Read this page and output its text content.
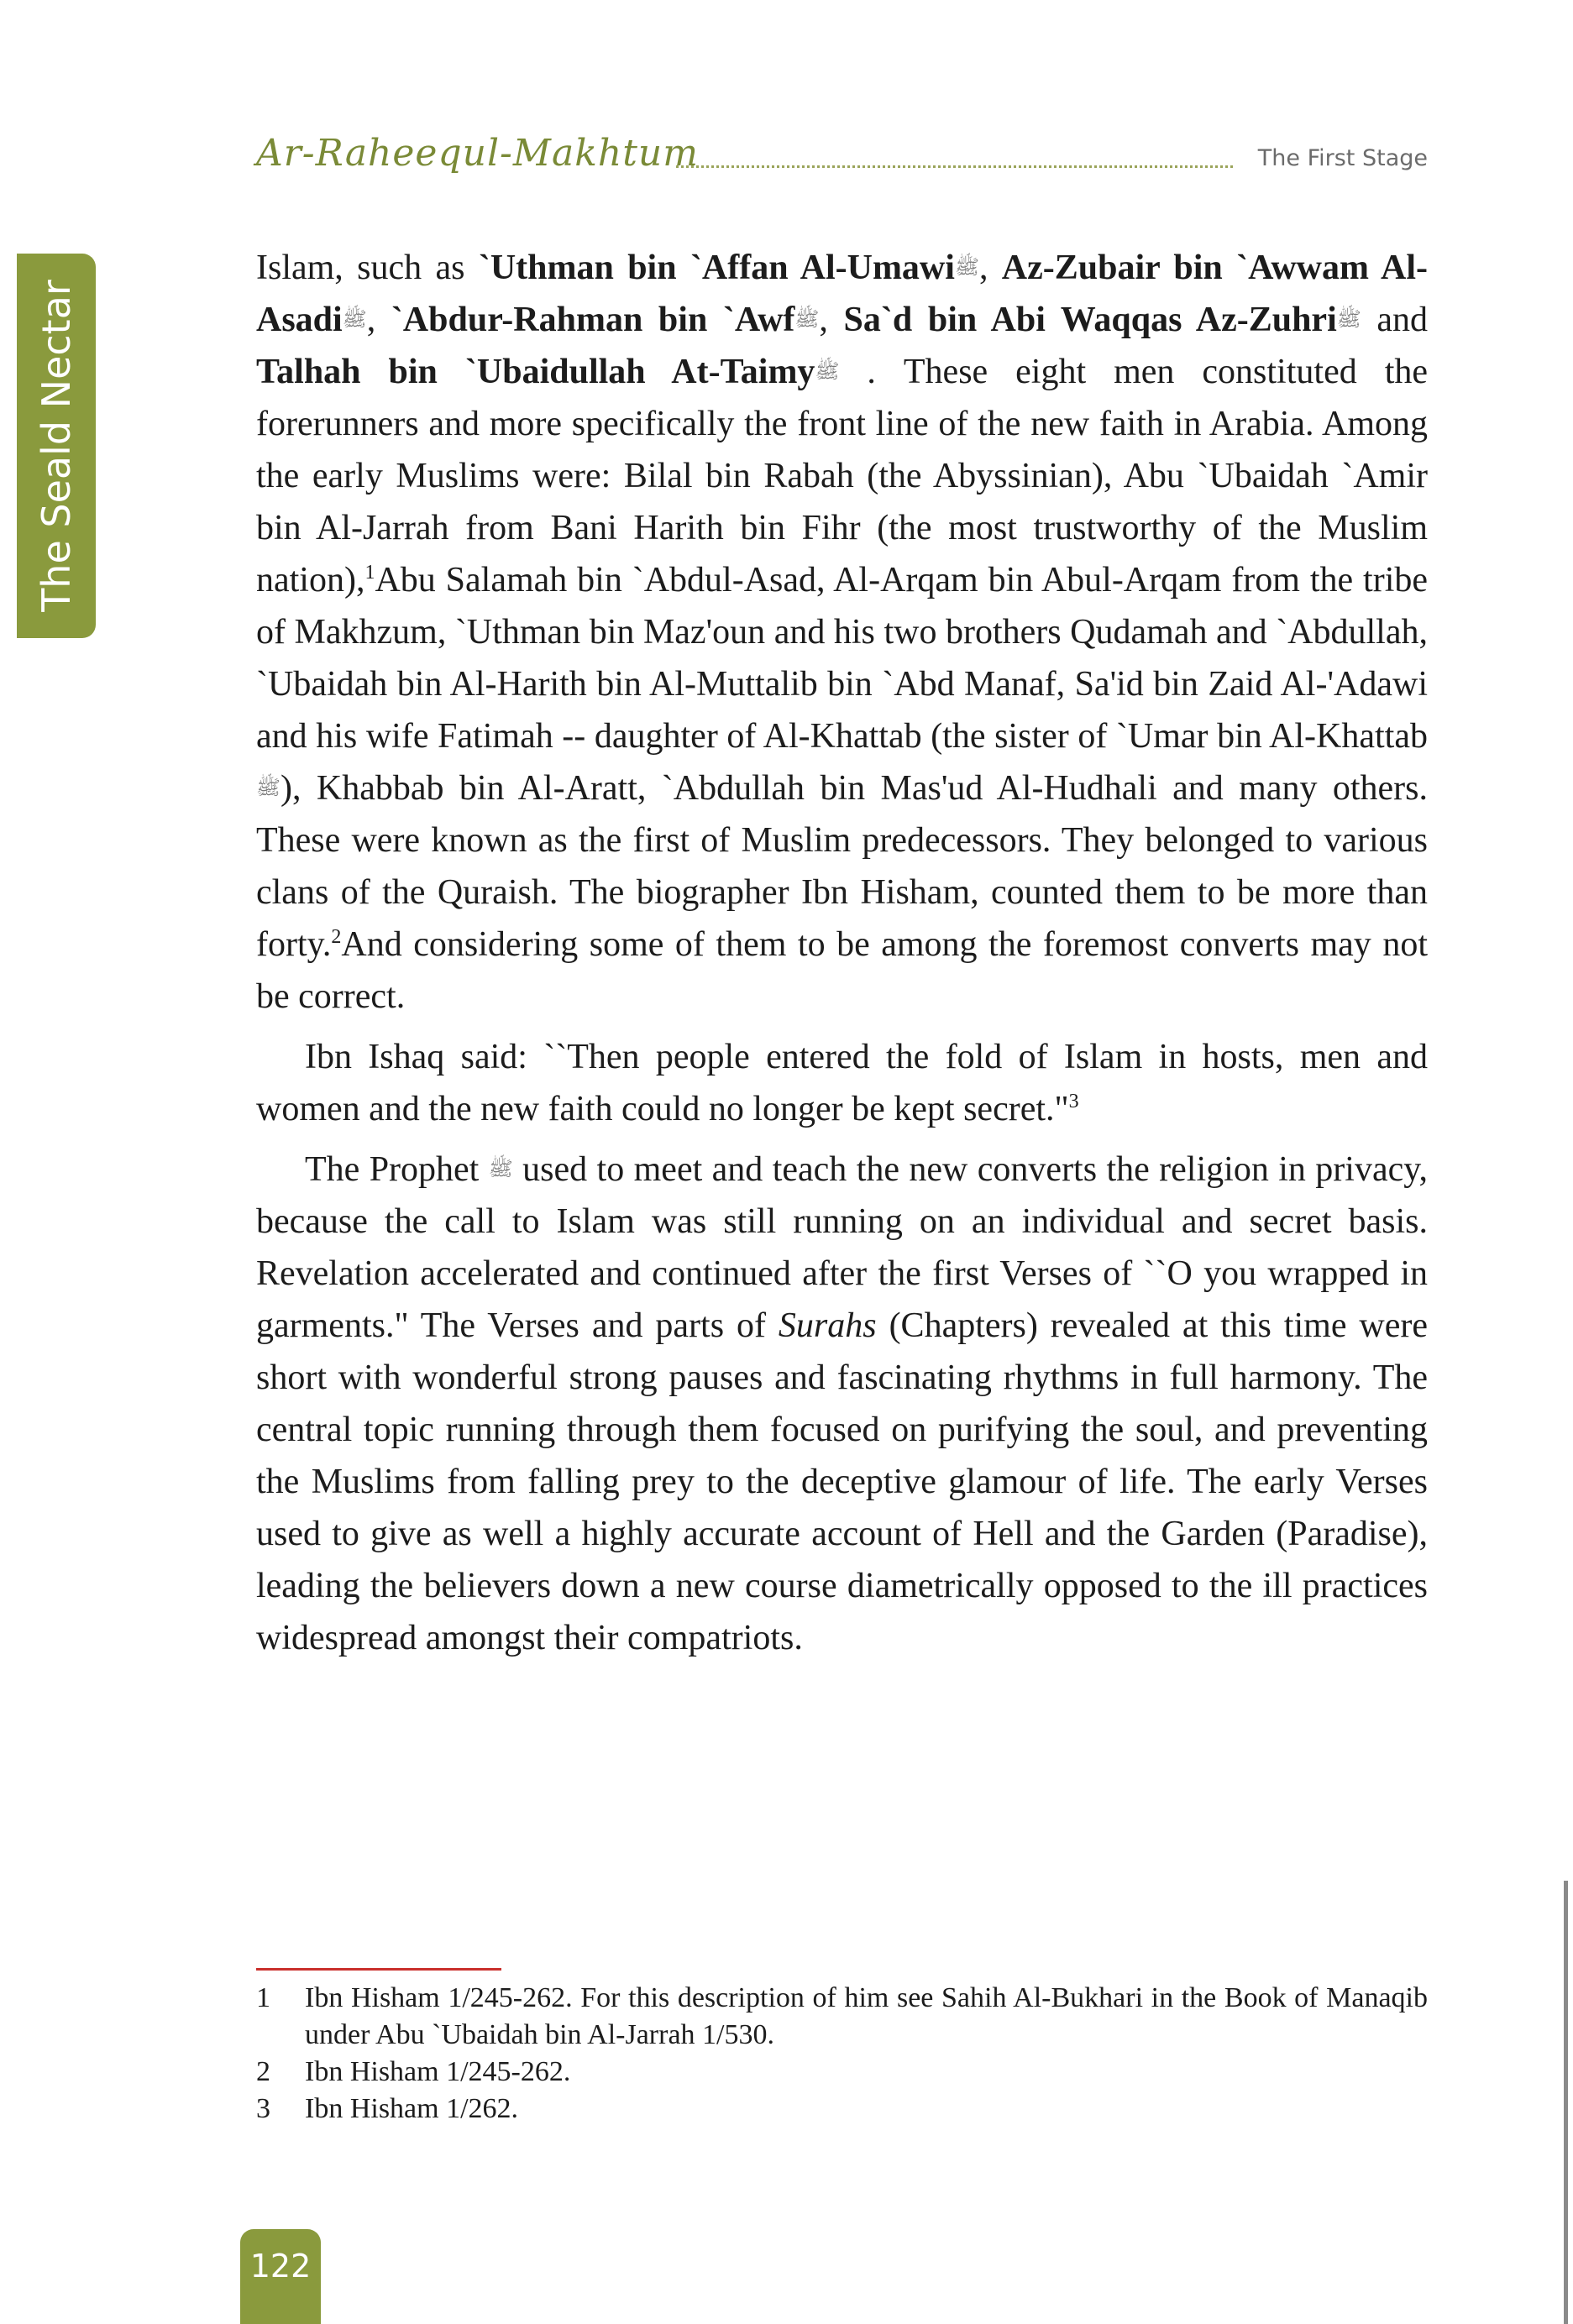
Ar-Raheequl-Makhtum	The First Stage
The Seald Nectar

Islam, such as `Uthman bin `Affan Al-Umawiﷺ, Az-Zubair bin `Awwam Al-Asadiﷺ, `Abdur-Rahman bin `Awfﷺ, Sa`d bin Abi Waqqas Az-Zuhriﷺ and Talhah bin `Ubaidullah At-Taimyﷺ . These eight men constituted the forerunners and more specifically the front line of the new faith in Arabia. Among the early Muslims were: Bilal bin Rabah (the Abyssinian), Abu `Ubaidah `Amir bin Al-Jarrah from Bani Harith bin Fihr (the most trustworthy of the Muslim nation),$^1$Abu Salamah bin `Abdul-Asad, Al-Arqam bin Abul-Arqam from the tribe of Makhzum, `Uthman bin Maz'oun and his two brothers Qudamah and `Abdullah, `Ubaidah bin Al-Harith bin Al-Muttalib bin `Abd Manaf, Sa'id bin Zaid Al-'Adawi and his wife Fatimah -- daughter of Al-Khattab (the sister of `Umar bin Al-Khattab ﷺ), Khabbab bin Al-Aratt, `Abdullah bin Mas'ud Al-Hudhali and many others. These were known as the first of Muslim predecessors. They belonged to various clans of the Quraish. The biographer Ibn Hisham, counted them to be more than forty.$^2$And considering some of them to be among the foremost converts may not be correct.

Ibn Ishaq said: ``Then people entered the fold of Islam in hosts, men and women and the new faith could no longer be kept secret."$^3$

The Prophet ﷺ used to meet and teach the new converts the religion in privacy, because the call to Islam was still running on an individual and secret basis. Revelation accelerated and continued after the first Verses of ``O you wrapped in garments." The Verses and parts of Surahs (Chapters) revealed at this time were short with wonderful strong pauses and fascinating rhythms in full harmony. The central topic running through them focused on purifying the soul, and preventing the Muslims from falling prey to the deceptive glamour of life. The early Verses used to give as well a highly accurate account of Hell and the Garden (Paradise), leading the believers down a new course diametrically opposed to the ill practices widespread amongst their compatriots.

1 Ibn Hisham 1/245-262. For this description of him see Sahih Al-Bukhari in the Book of Manaqib under Abu `Ubaidah bin Al-Jarrah 1/530.
2 Ibn Hisham 1/245-262.
3 Ibn Hisham 1/262.
122
